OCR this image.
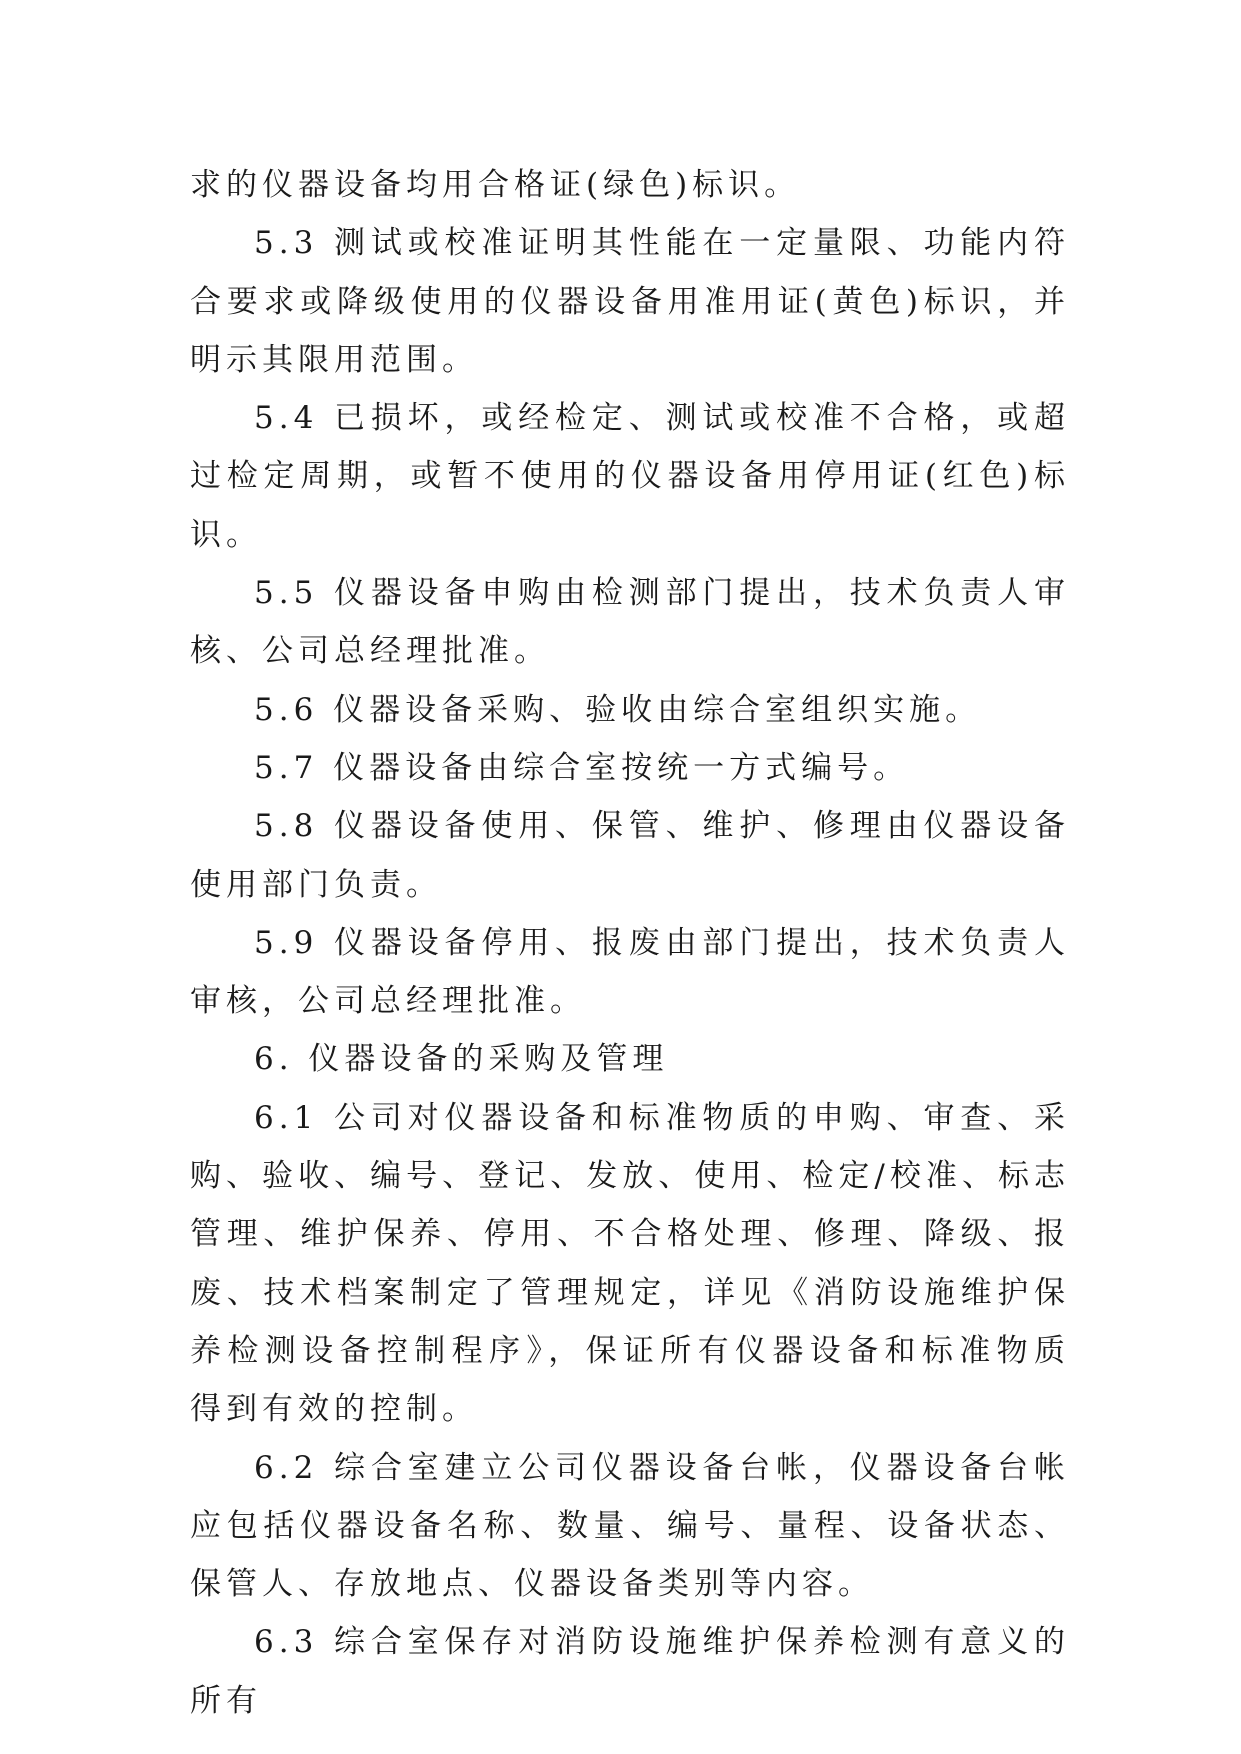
求的仪器设备均用合格证(绿色)标识。

5.3 测试或校准证明其性能在一定量限、功能内符合要求或降级使用的仪器设备用准用证(黄色)标识，并明示其限用范围。

5.4 已损坏，或经检定、测试或校准不合格，或超过检定周期，或暂不使用的仪器设备用停用证(红色)标识。

5.5 仪器设备申购由检测部门提出，技术负责人审核、公司总经理批准。

5.6 仪器设备采购、验收由综合室组织实施。

5.7 仪器设备由综合室按统一方式编号。

5.8 仪器设备使用、保管、维护、修理由仪器设备使用部门负责。

5.9 仪器设备停用、报废由部门提出，技术负责人审核，公司总经理批准。

6. 仪器设备的采购及管理

6.1 公司对仪器设备和标准物质的申购、审查、采购、验收、编号、登记、发放、使用、检定/校准、标志管理、维护保养、停用、不合格处理、修理、降级、报废、技术档案制定了管理规定，详见《消防设施维护保养检测设备控制程序》，保证所有仪器设备和标准物质得到有效的控制。

6.2 综合室建立公司仪器设备台帐，仪器设备台帐应包括仪器设备名称、数量、编号、量程、设备状态、保管人、存放地点、仪器设备类别等内容。

6.3 综合室保存对消防设施维护保养检测有意义的所有
